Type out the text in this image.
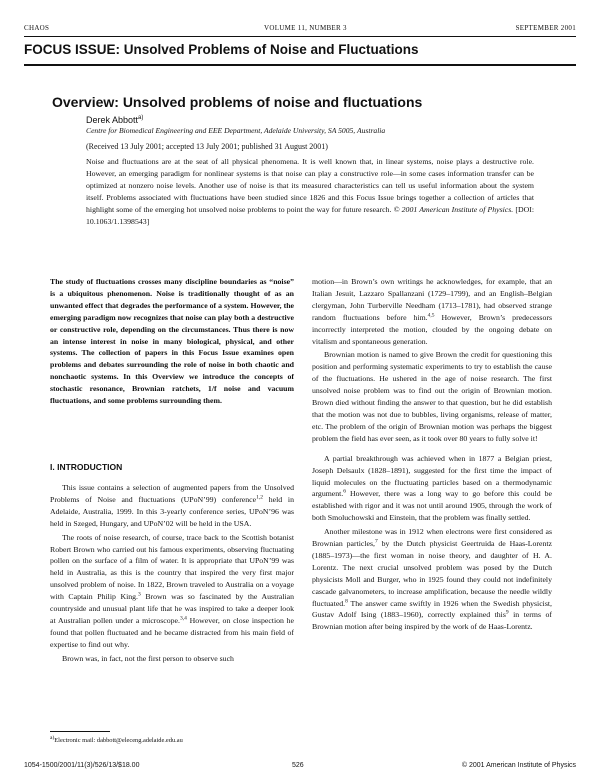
CHAOS	VOLUME 11, NUMBER 3	SEPTEMBER 2001
FOCUS ISSUE: Unsolved Problems of Noise and Fluctuations
Overview: Unsolved problems of noise and fluctuations
Derek Abbott$^{a)}$
Centre for Biomedical Engineering and EEE Department, Adelaide University, SA 5005, Australia
(Received 13 July 2001; accepted 13 July 2001; published 31 August 2001)
Noise and fluctuations are at the seat of all physical phenomena. It is well known that, in linear systems, noise plays a destructive role. However, an emerging paradigm for nonlinear systems is that noise can play a constructive role—in some cases information transfer can be optimized at nonzero noise levels. Another use of noise is that its measured characteristics can tell us useful information about the system itself. Problems associated with fluctuations have been studied since 1826 and this Focus Issue brings together a collection of articles that highlight some of the emerging hot unsolved noise problems to point the way for future research. © 2001 American Institute of Physics. [DOI: 10.1063/1.1398543]
The study of fluctuations crosses many discipline boundaries as “noise” is a ubiquitous phenomenon. Noise is traditionally thought of as an unwanted effect that degrades the performance of a system. However, the emerging paradigm now recognizes that noise can play both a destructive or constructive role, depending on the circumstances. Thus there is now an intense interest in noise in many biological, physical, and other systems. The collection of papers in this Focus Issue examines open problems and debates surrounding the role of noise in both chaotic and nonchaotic systems. In this Overview we introduce the concepts of stochastic resonance, Brownian ratchets, 1/f noise and vacuum fluctuations, and some problems surrounding them.
I. INTRODUCTION

This issue contains a selection of augmented papers from the Unsolved Problems of Noise and fluctuations (UPoN’99) conference$^{1,2}$ held in Adelaide, Australia, 1999. In this 3-yearly conference series, UPoN’96 was held in Szeged, Hungary, and UPoN’02 will be held in the USA.

The roots of noise research, of course, trace back to the Scottish botanist Robert Brown who carried out his famous experiments, observing fluctuating pollen on the surface of a film of water. It is appropriate that UPoN’99 was held in Australia, as this is the country that inspired the very first major unsolved problem of noise. In 1822, Brown traveled to Australia on a voyage with Captain Philip King.$^3$ Brown was so fascinated by the Australian countryside and unusual plant life that he was inspired to take a deeper look at Australian pollen under a microscope.$^{3,4}$ However, on close inspection he found that pollen fluctuated and he became distracted from his main field of expertise to find out why.

Brown was, in fact, not the first person to observe such

motion—in Brown’s own writings he acknowledges, for example, that an Italian Jesuit, Lazzaro Spallanzani (1729–1799), and an English–Belgian clergyman, John Turberville Needham (1713–1781), had observed strange random fluctuations before him.$^{4,5}$ However, Brown’s predecessors incorrectly interpreted the motion, clouded by the ongoing debate on vitalism and spontaneous generation.

Brownian motion is named to give Brown the credit for questioning this position and performing systematic experiments to try to establish the cause of the fluctuations. He ushered in the age of noise research. The first unsolved noise problem was to find out the origin of Brownian motion. Brown died without finding the answer to that question, but he did establish that the motion was not due to bubbles, living organisms, release of matter, etc. The problem of the origin of Brownian motion was perhaps the biggest problem the field has ever seen, as it took over 80 years to fully solve it!

A partial breakthrough was achieved when in 1877 a Belgian priest, Joseph Delsaulx (1828–1891), suggested for the first time the impact of liquid molecules on the fluctuating particles based on a thermodynamic argument.$^6$ However, there was a long way to go before this could be established with rigor and it was not until around 1905, through the work of both Smoluchowski and Einstein, that the problem was finally settled.

Another milestone was in 1912 when electrons were first considered as Brownian particles,$^7$ by the Dutch physicist Geertruida de Haas-Lorentz (1885–1973)—the first woman in noise theory, and daughter of H. A. Lorentz. The next crucial unsolved problem was posed by the Dutch physicists Moll and Burger, who in 1925 found they could not indefinitely cascade galvanometers, to increase amplification, because the needle wildly fluctuated.$^8$ The answer came swiftly in 1926 when the Swedish physicist, Gustav Adolf Ising (1883–1960), correctly explained this$^9$ in terms of Brownian motion after being inspired by the work of de Haas-Lorentz.

$^{a)}$Electronic mail: dabbott@eleceng.adelaide.edu.au
1054-1500/2001/11(3)/526/13/$18.00	526	© 2001 American Institute of Physics
